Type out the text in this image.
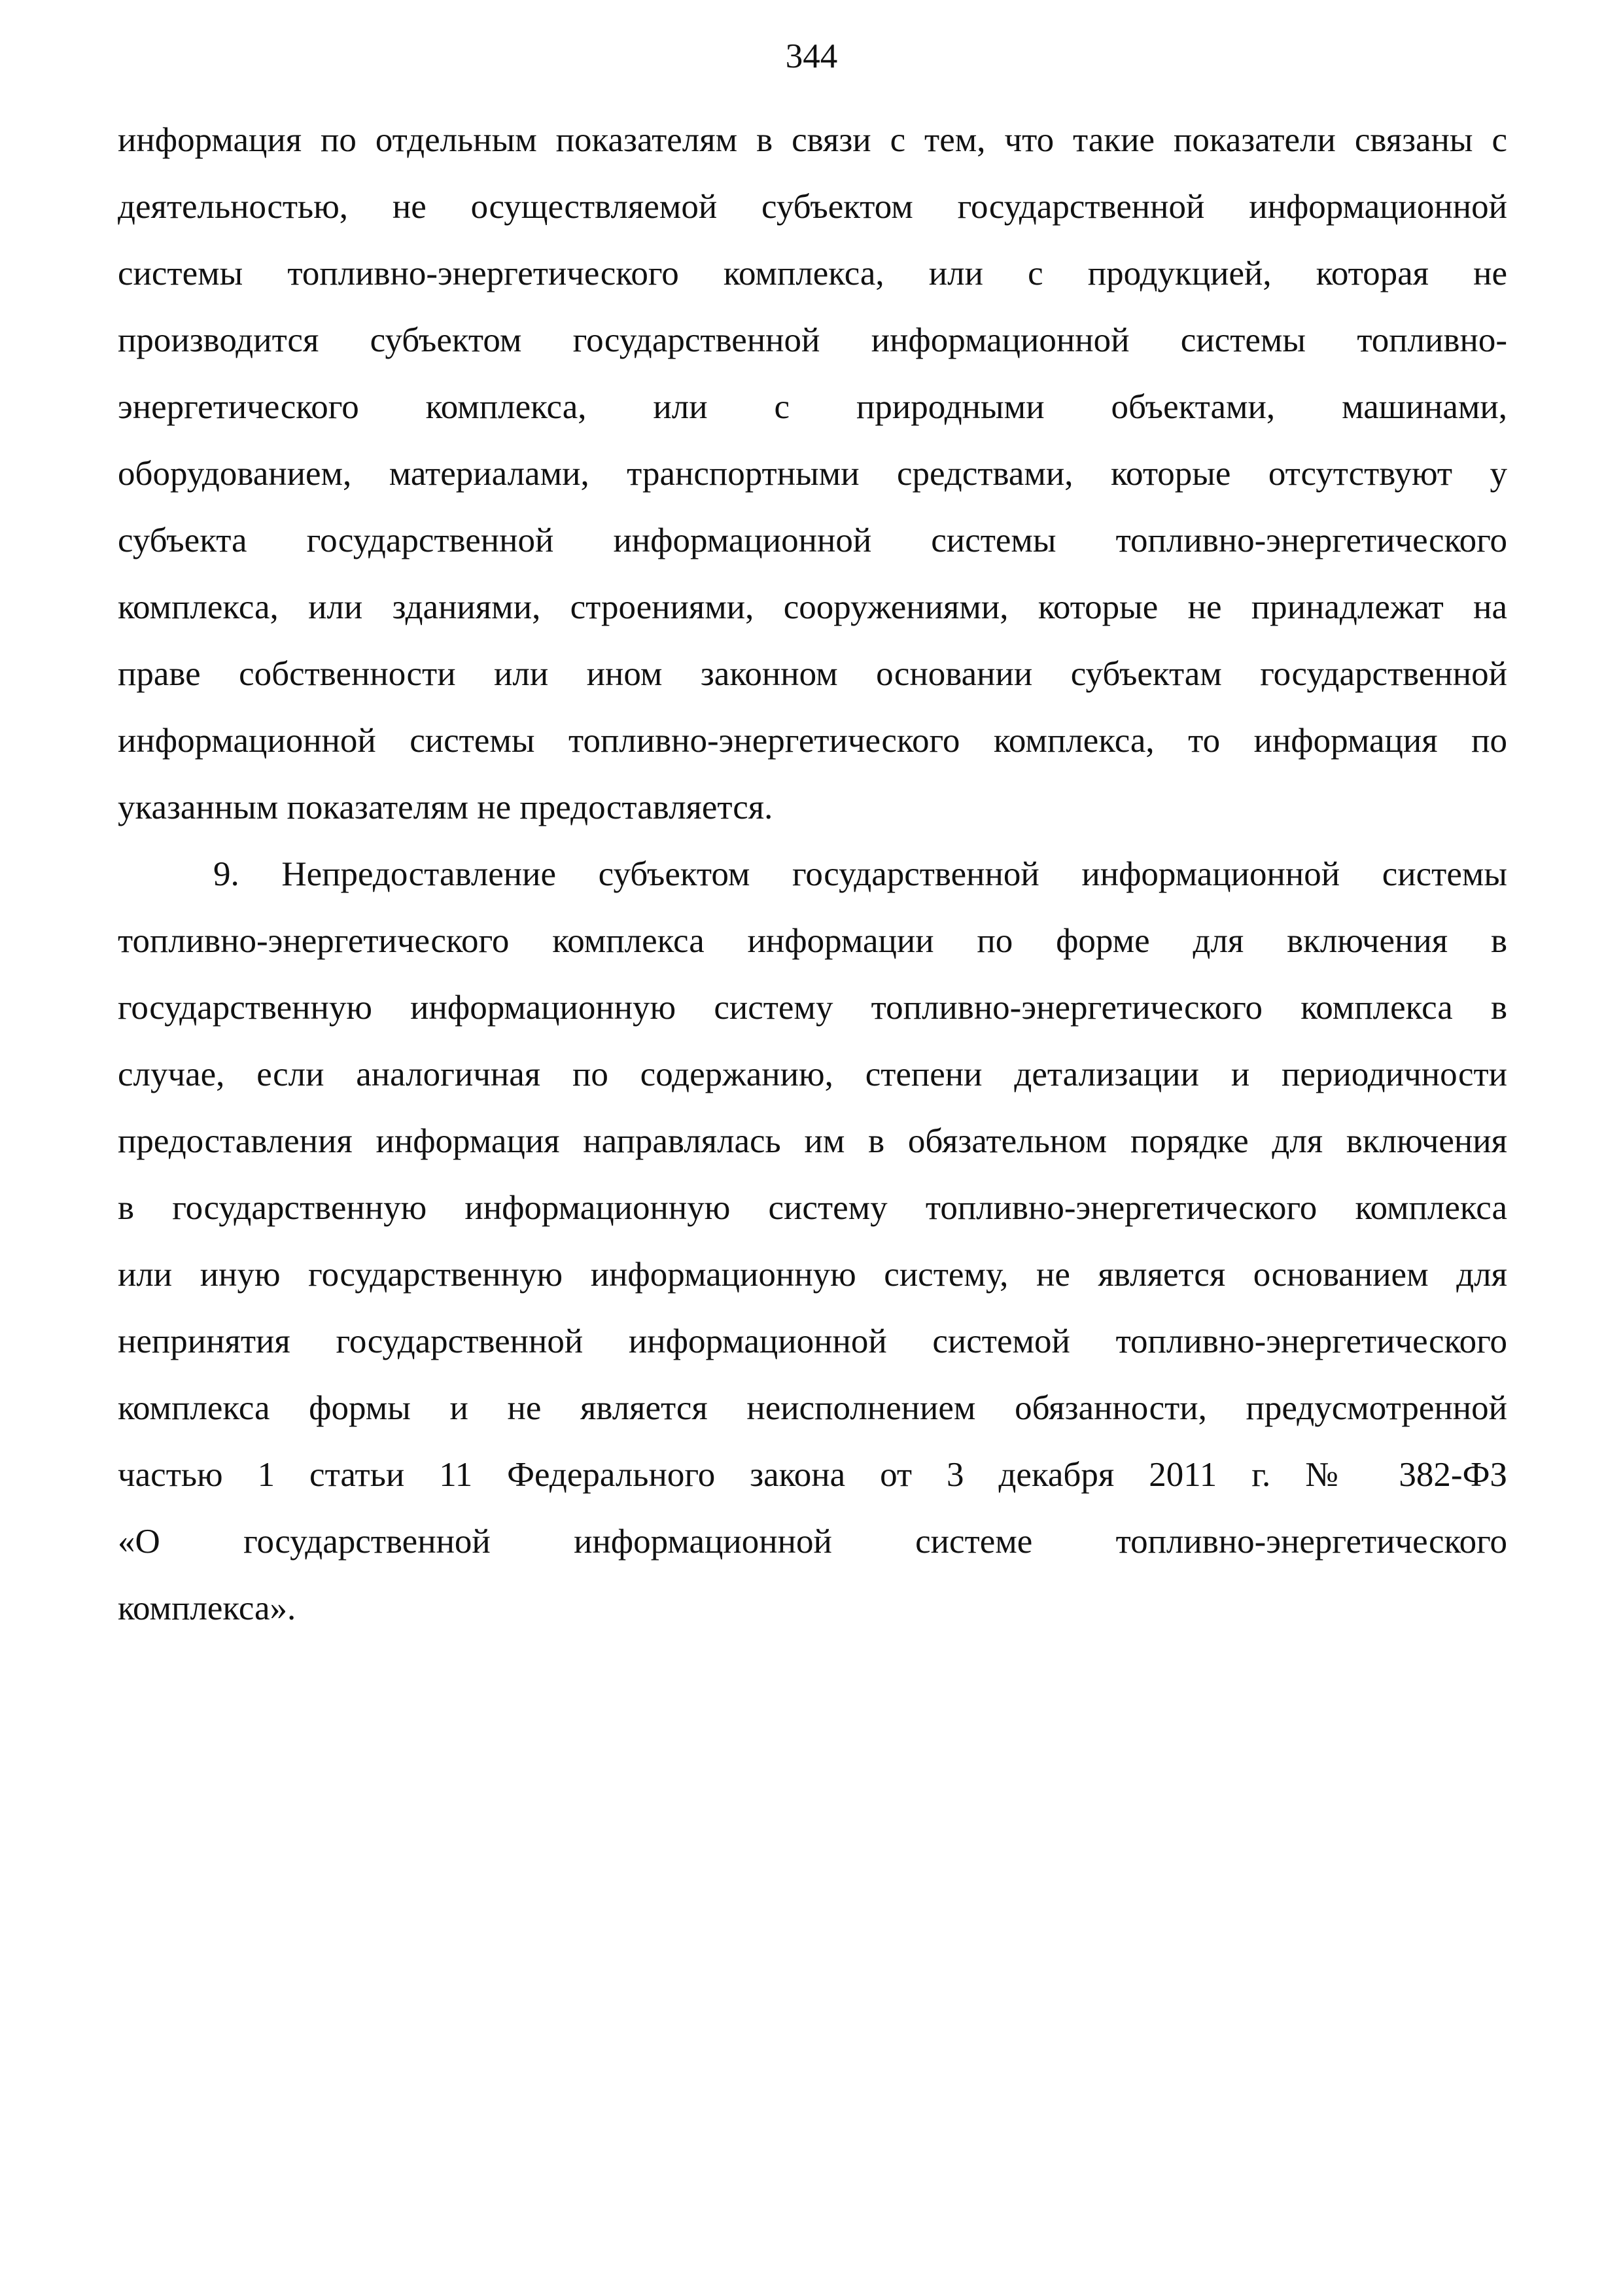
344
информация по отдельным показателям в связи с тем, что такие показатели связаны с
деятельностью, не осуществляемой субъектом государственной информационной
системы топливно-энергетического комплекса, или с продукцией, которая не
производится субъектом государственной информационной системы топливно-
энергетического комплекса, или с природными объектами, машинами,
оборудованием, материалами, транспортными средствами, которые отсутствуют у
субъекта государственной информационной системы топливно-энергетического
комплекса, или зданиями, строениями, сооружениями, которые не принадлежат на
праве собственности или ином законном основании субъектам государственной
информационной системы топливно-энергетического комплекса, то информация по
указанным показателям не предоставляется.
9. Непредоставление субъектом государственной информационной системы
топливно-энергетического комплекса информации по форме для включения в
государственную информационную систему топливно-энергетического комплекса в
случае, если аналогичная по содержанию, степени детализации и периодичности
предоставления информация направлялась им в обязательном порядке для включения
в государственную информационную систему топливно-энергетического комплекса
или иную государственную информационную систему, не является основанием для
непринятия государственной информационной системой топливно-энергетического
комплекса формы и не является неисполнением обязанности, предусмотренной
частью 1 статьи 11 Федерального закона от 3 декабря 2011 г. № 382-ФЗ
«О государственной информационной системе топливно-энергетического
комплекса».
